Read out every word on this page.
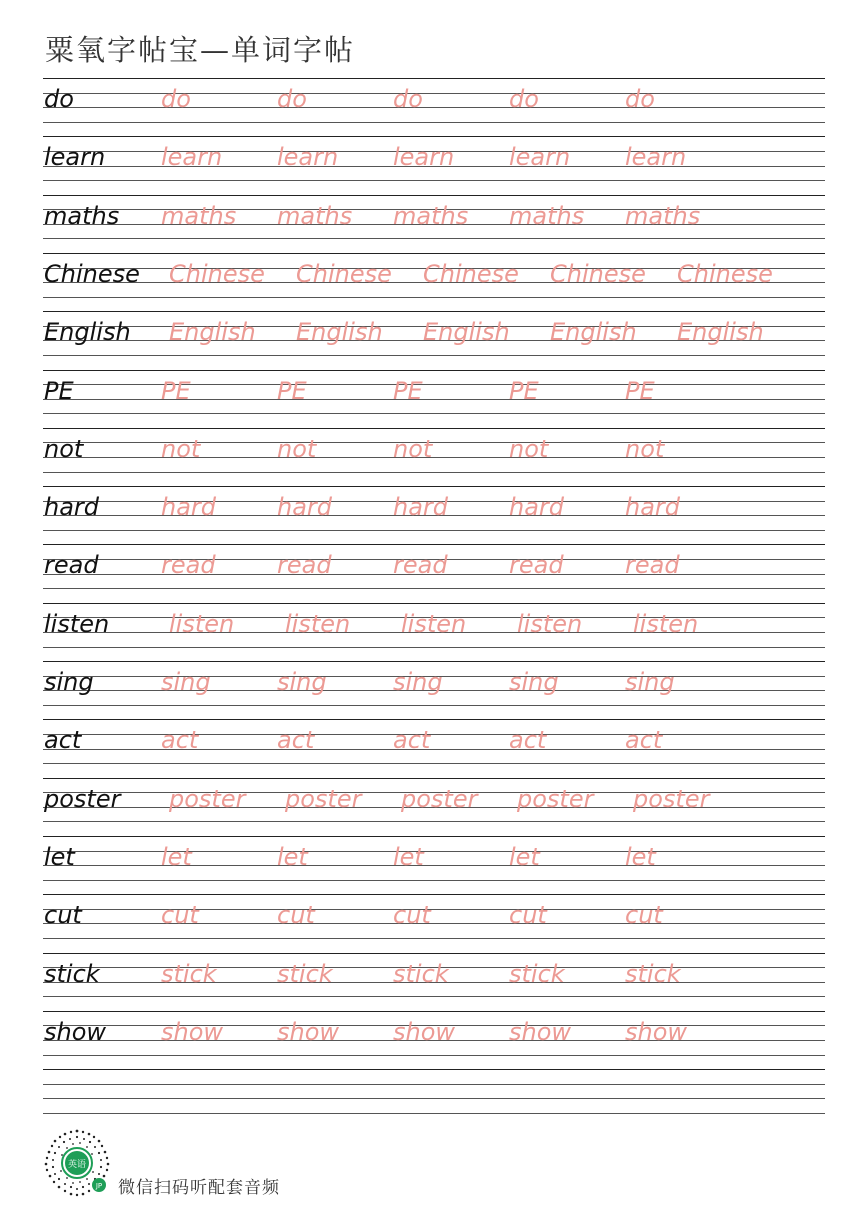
粟氧字帖宝—单词字帖
do	do	do	do	do	do
learn learn learn learn learn learn
maths maths maths maths maths maths
Chinese Chinese Chinese Chinese Chinese Chinese
English English English English English English
PE	PE	PE	PE	PE	PE
not	not	not	not	not	not
hard	hard	hard	hard	hard	hard
read	read	read	read	read	read
listen listen listen listen listen listen
sing	sing	sing	sing	sing	sing
act	act	act	act	act	act
poster poster poster poster poster poster
let	let	let	let	let	let
cut	cut	cut	cut	cut	cut
stick	stick	stick	stick	stick	stick
show show show show show show
英语
JP 微信扫码听配套音频
